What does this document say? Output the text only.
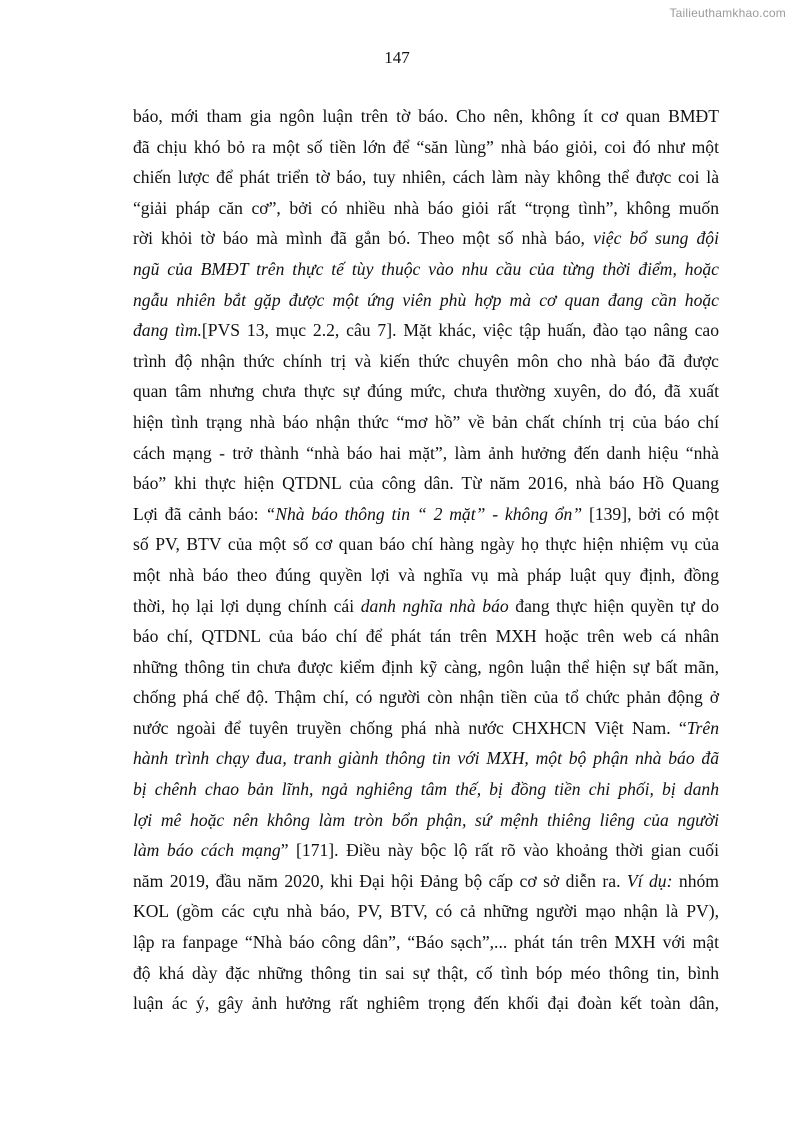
Tailieuthamkhao.com
147
báo, mới tham gia ngôn luận trên tờ báo. Cho nên, không ít cơ quan BMĐT
đã chịu khó bỏ ra một số tiền lớn để “săn lùng” nhà báo giỏi, coi đó như một
chiến lược để phát triển tờ báo, tuy nhiên, cách làm này không thể được coi là
“giải pháp căn cơ”, bởi có nhiều nhà báo giỏi rất “trọng tình”, không muốn
rời khỏi tờ báo mà mình đã gắn bó. Theo một số nhà báo, việc bổ sung đội
ngũ của BMĐT trên thực tế tùy thuộc vào nhu cầu của từng thời điểm, hoặc
ngẫu nhiên bắt gặp được một ứng viên phù hợp mà cơ quan đang cần hoặc
đang tìm.[PVS 13, mục 2.2, câu 7]. Mặt khác, việc tập huấn, đào tạo nâng cao
trình độ nhận thức chính trị và kiến thức chuyên môn cho nhà báo đã được
quan tâm nhưng chưa thực sự đúng mức, chưa thường xuyên, do đó, đã xuất
hiện tình trạng nhà báo nhận thức “mơ hồ” về bản chất chính trị của báo chí
cách mạng - trở thành “nhà báo hai mặt”, làm ảnh hưởng đến danh hiệu “nhà
báo” khi thực hiện QTDNL của công dân. Từ năm 2016, nhà báo Hồ Quang
Lợi đã cảnh báo: “Nhà báo thông tin “ 2 mặt” - không ổn” [139], bởi có một
số PV, BTV của một số cơ quan báo chí hàng ngày họ thực hiện nhiệm vụ của
một nhà báo theo đúng quyền lợi và nghĩa vụ mà pháp luật quy định, đồng
thời, họ lại lợi dụng chính cái danh nghĩa nhà báo đang thực hiện quyền tự do
báo chí, QTDNL của báo chí để phát tán trên MXH hoặc trên web cá nhân
những thông tin chưa được kiểm định kỹ càng, ngôn luận thể hiện sự bất mãn,
chống phá chế độ. Thậm chí, có người còn nhận tiền của tổ chức phản động ở
nước ngoài để tuyên truyền chống phá nhà nước CHXHCN Việt Nam. “Trên
hành trình chạy đua, tranh giành thông tin với MXH, một bộ phận nhà báo đã
bị chênh chao bản lĩnh, ngả nghiêng tâm thế, bị đồng tiền chi phối, bị danh
lợi mê hoặc nên không làm tròn bổn phận, sứ mệnh thiêng liêng của người
làm báo cách mạng” [171]. Điều này bộc lộ rất rõ vào khoảng thời gian cuối
năm 2019, đầu năm 2020, khi Đại hội Đảng bộ cấp cơ sở diễn ra. Ví dụ: nhóm
KOL (gồm các cựu nhà báo, PV, BTV, có cả những người mạo nhận là PV),
lập ra fanpage “Nhà báo công dân”, “Báo sạch”,... phát tán trên MXH với mật
độ khá dày đặc những thông tin sai sự thật, cố tình bóp méo thông tin, bình
luận ác ý, gây ảnh hưởng rất nghiêm trọng đến khối đại đoàn kết toàn dân,
